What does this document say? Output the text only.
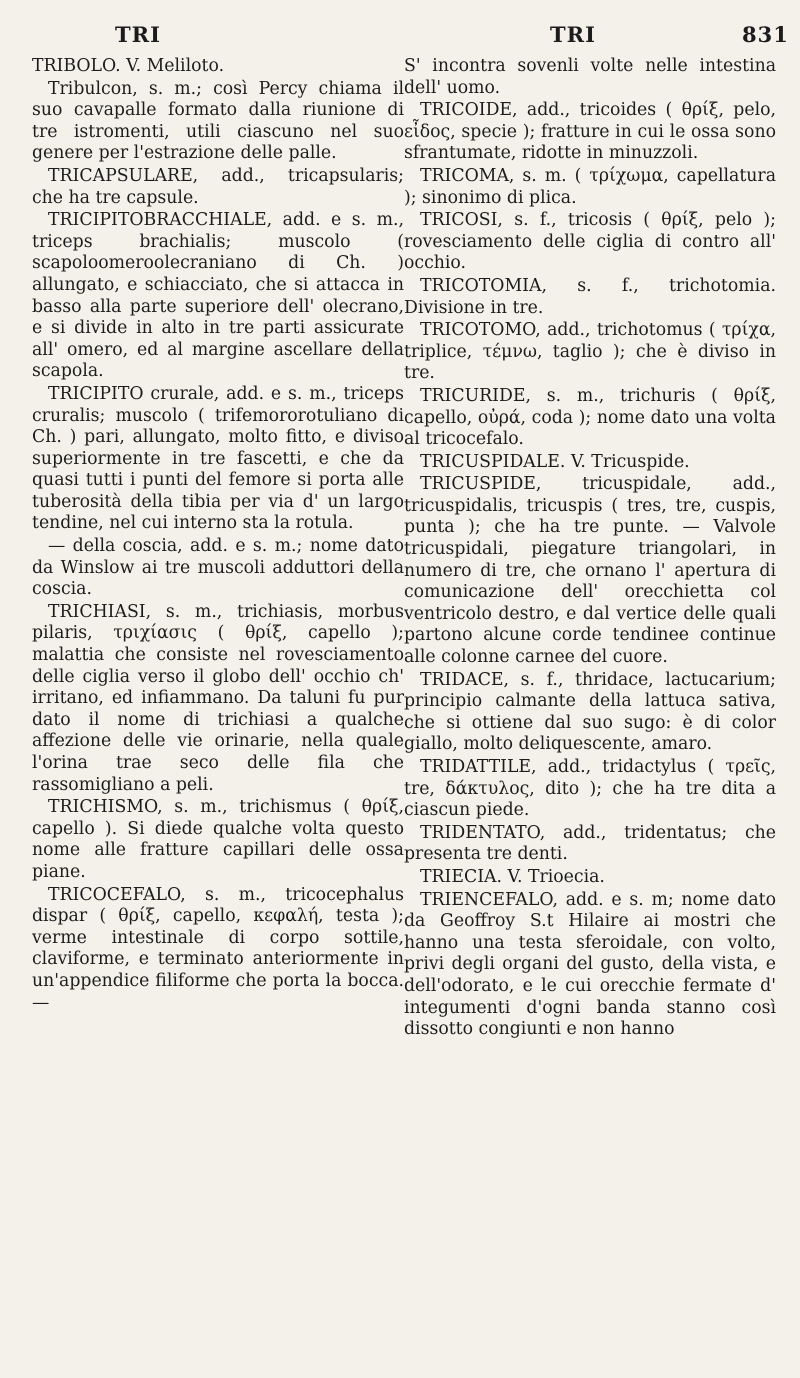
TRI	TRI	831

TRIBOLO. V. Meliloto.

Tribulcon, s. m.; così Percy chiama il suo cavapalle formato dalla riunione di tre istromenti, utili ciascuno nel suo genere per l'estrazione delle palle.

TRICAPSULARE, add., tricapsularis; che ha tre capsule.

TRICIPITOBRACCHIALE, add. e s. m., triceps brachialis; muscolo ( scapoloomeroolecraniano di Ch. ) allungato, e schiacciato, che si attacca in basso alla parte superiore dell' olecrano, e si divide in alto in tre parti assicurate all' omero, ed al margine ascellare della scapola.

TRICIPITO crurale, add. e s. m., triceps cruralis; muscolo ( trifemororotuliano di Ch. ) pari, allungato, molto fitto, e diviso superiormente in tre fascetti, e che da quasi tutti i punti del femore si porta alle tuberosità della tibia per via d' un largo tendine, nel cui interno sta la rotula.

— della coscia, add. e s. m.; nome dato da Winslow ai tre muscoli adduttori della coscia.

TRICHIASI, s. m., trichiasis, morbus pilaris, τριχίασις ( θρίξ, capello ); malattia che consiste nel rovesciamento delle ciglia verso il globo dell' occhio ch' irritano, ed infiammano. Da taluni fu pur dato il nome di trichiasi a qualche affezione delle vie orinarie, nella quale l'orina trae seco delle fila che rassomigliano a peli.

TRICHISMO, s. m., trichismus ( θρίξ, capello ). Si diede qualche volta questo nome alle fratture capillari delle ossa piane.

TRICOCEFALO, s. m., tricocephalus dispar ( θρίξ, capello, κεφαλή, testa ); verme intestinale di corpo sottile, claviforme, e terminato anteriormente in un'appendice filiforme che porta la bocca. —

S' incontra sovenli volte nelle intestina dell' uomo.

TRICOIDE, add., tricoides ( θρίξ, pelo, εἶδος, specie ); fratture in cui le ossa sono sfrantumate, ridotte in minuzzoli.

TRICOMA, s. m. ( τρίχωμα, capellatura ); sinonimo di plica.

TRICOSI, s. f., tricosis ( θρίξ, pelo ); rovesciamento delle ciglia di contro all' occhio.

TRICOTOMIA, s. f., trichotomia. Divisione in tre.

TRICOTOMO, add., trichotomus ( τρίχα, triplice, τέμνω, taglio ); che è diviso in tre.

TRICURIDE, s. m., trichuris ( θρίξ, capello, οὐρά, coda ); nome dato una volta al tricocefalo.

TRICUSPIDALE. V. Tricuspide.

TRICUSPIDE, tricuspidale, add., tricuspidalis, tricuspis ( tres, tre, cuspis, punta ); che ha tre punte. — Valvole tricuspidali, piegature triangolari, in numero di tre, che ornano l' apertura di comunicazione dell' orecchietta col ventricolo destro, e dal vertice delle quali partono alcune corde tendinee continue alle colonne carnee del cuore.

TRIDACE, s. f., thridace, lactucarium; principio calmante della lattuca sativa, che si ottiene dal suo sugo: è di color giallo, molto deliquescente, amaro.

TRIDATTILE, add., tridactylus ( τρεῖς, tre, δάκτυλος, dito ); che ha tre dita a ciascun piede.

TRIDENTATO, add., tridentatus; che presenta tre denti.

TRIECIA. V. Trioecia.

TRIENCEFALO, add. e s. m; nome dato da Geoffroy S.t Hilaire ai mostri che hanno una testa sferoidale, con volto, privi degli organi del gusto, della vista, e dell'odorato, e le cui orecchie fermate d' integumenti d'ogni banda stanno così dissotto congiunti e non hanno
